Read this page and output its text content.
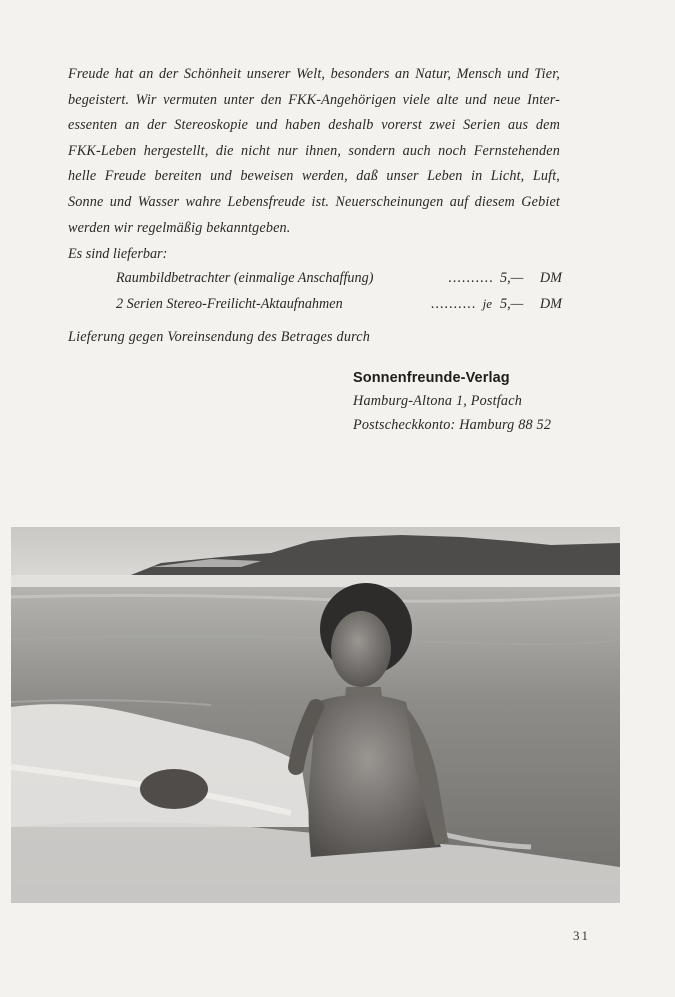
Freude hat an der Schönheit unserer Welt, besonders an Natur, Mensch und Tier,
begeistert. Wir vermuten unter den FKK-Angehörigen viele alte und neue Inter-
essenten an der Stereoskopie und haben deshalb vorerst zwei Serien aus dem
FKK-Leben hergestellt, die nicht nur ihnen, sondern auch noch Fernstehenden
helle Freude bereiten und beweisen werden, daß unser Leben in Licht, Luft,
Sonne und Wasser wahre Lebensfreude ist. Neuerscheinungen auf diesem Gebiet
werden wir regelmäßig bekanntgeben.
Es sind lieferbar:
Raumbildbetrachter (einmalige Anschaffung)	.......... 5,—	DM
2 Serien Stereo-Freilicht-Aktaufnahmen	.......... je 5,—	DM
Lieferung gegen Voreinsendung des Betrages durch
Sonnenfreunde-Verlag
Hamburg-Altona 1, Postfach
Postscheckkonto: Hamburg 88 52
31
